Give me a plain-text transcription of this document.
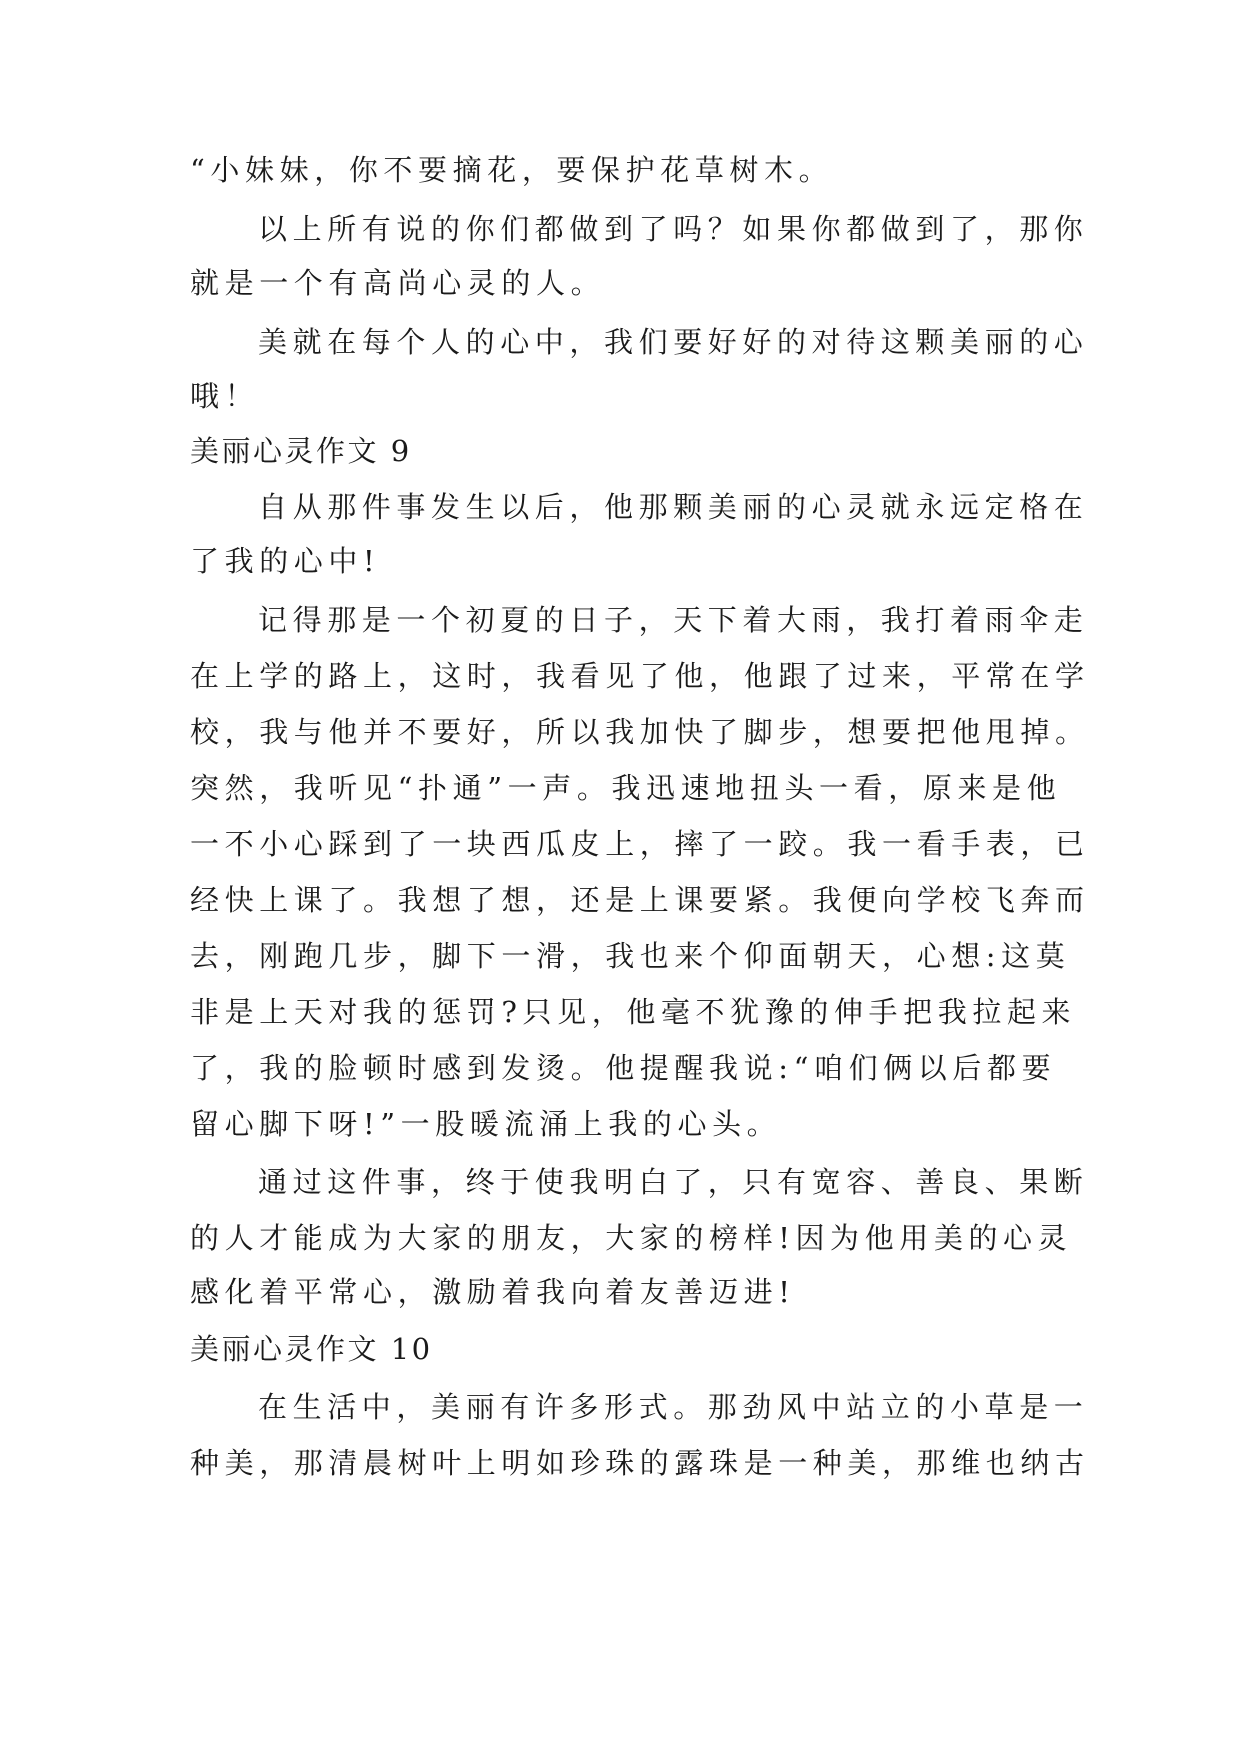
“小妹妹，你不要摘花，要保护花草树木。
以上所有说的你们都做到了吗？如果你都做到了，那你
就是一个有高尚心灵的人。
美就在每个人的心中，我们要好好的对待这颗美丽的心
哦！
美丽心灵作文 9
自从那件事发生以后，他那颗美丽的心灵就永远定格在
了我的心中!
记得那是一个初夏的日子，天下着大雨，我打着雨伞走
在上学的路上，这时，我看见了他，他跟了过来，平常在学
校，我与他并不要好，所以我加快了脚步，想要把他甩掉。
突然，我听见“扑通”一声。我迅速地扭头一看，原来是他
一不小心踩到了一块西瓜皮上，摔了一跤。我一看手表，已
经快上课了。我想了想，还是上课要紧。我便向学校飞奔而
去，刚跑几步，脚下一滑，我也来个仰面朝天，心想:这莫
非是上天对我的惩罚?只见，他毫不犹豫的伸手把我拉起来
了，我的脸顿时感到发烫。他提醒我说:“咱们俩以后都要
留心脚下呀!”一股暖流涌上我的心头。
通过这件事，终于使我明白了，只有宽容、善良、果断
的人才能成为大家的朋友，大家的榜样!因为他用美的心灵
感化着平常心，激励着我向着友善迈进!
美丽心灵作文 10
在生活中，美丽有许多形式。那劲风中站立的小草是一
种美，那清晨树叶上明如珍珠的露珠是一种美，那维也纳古
